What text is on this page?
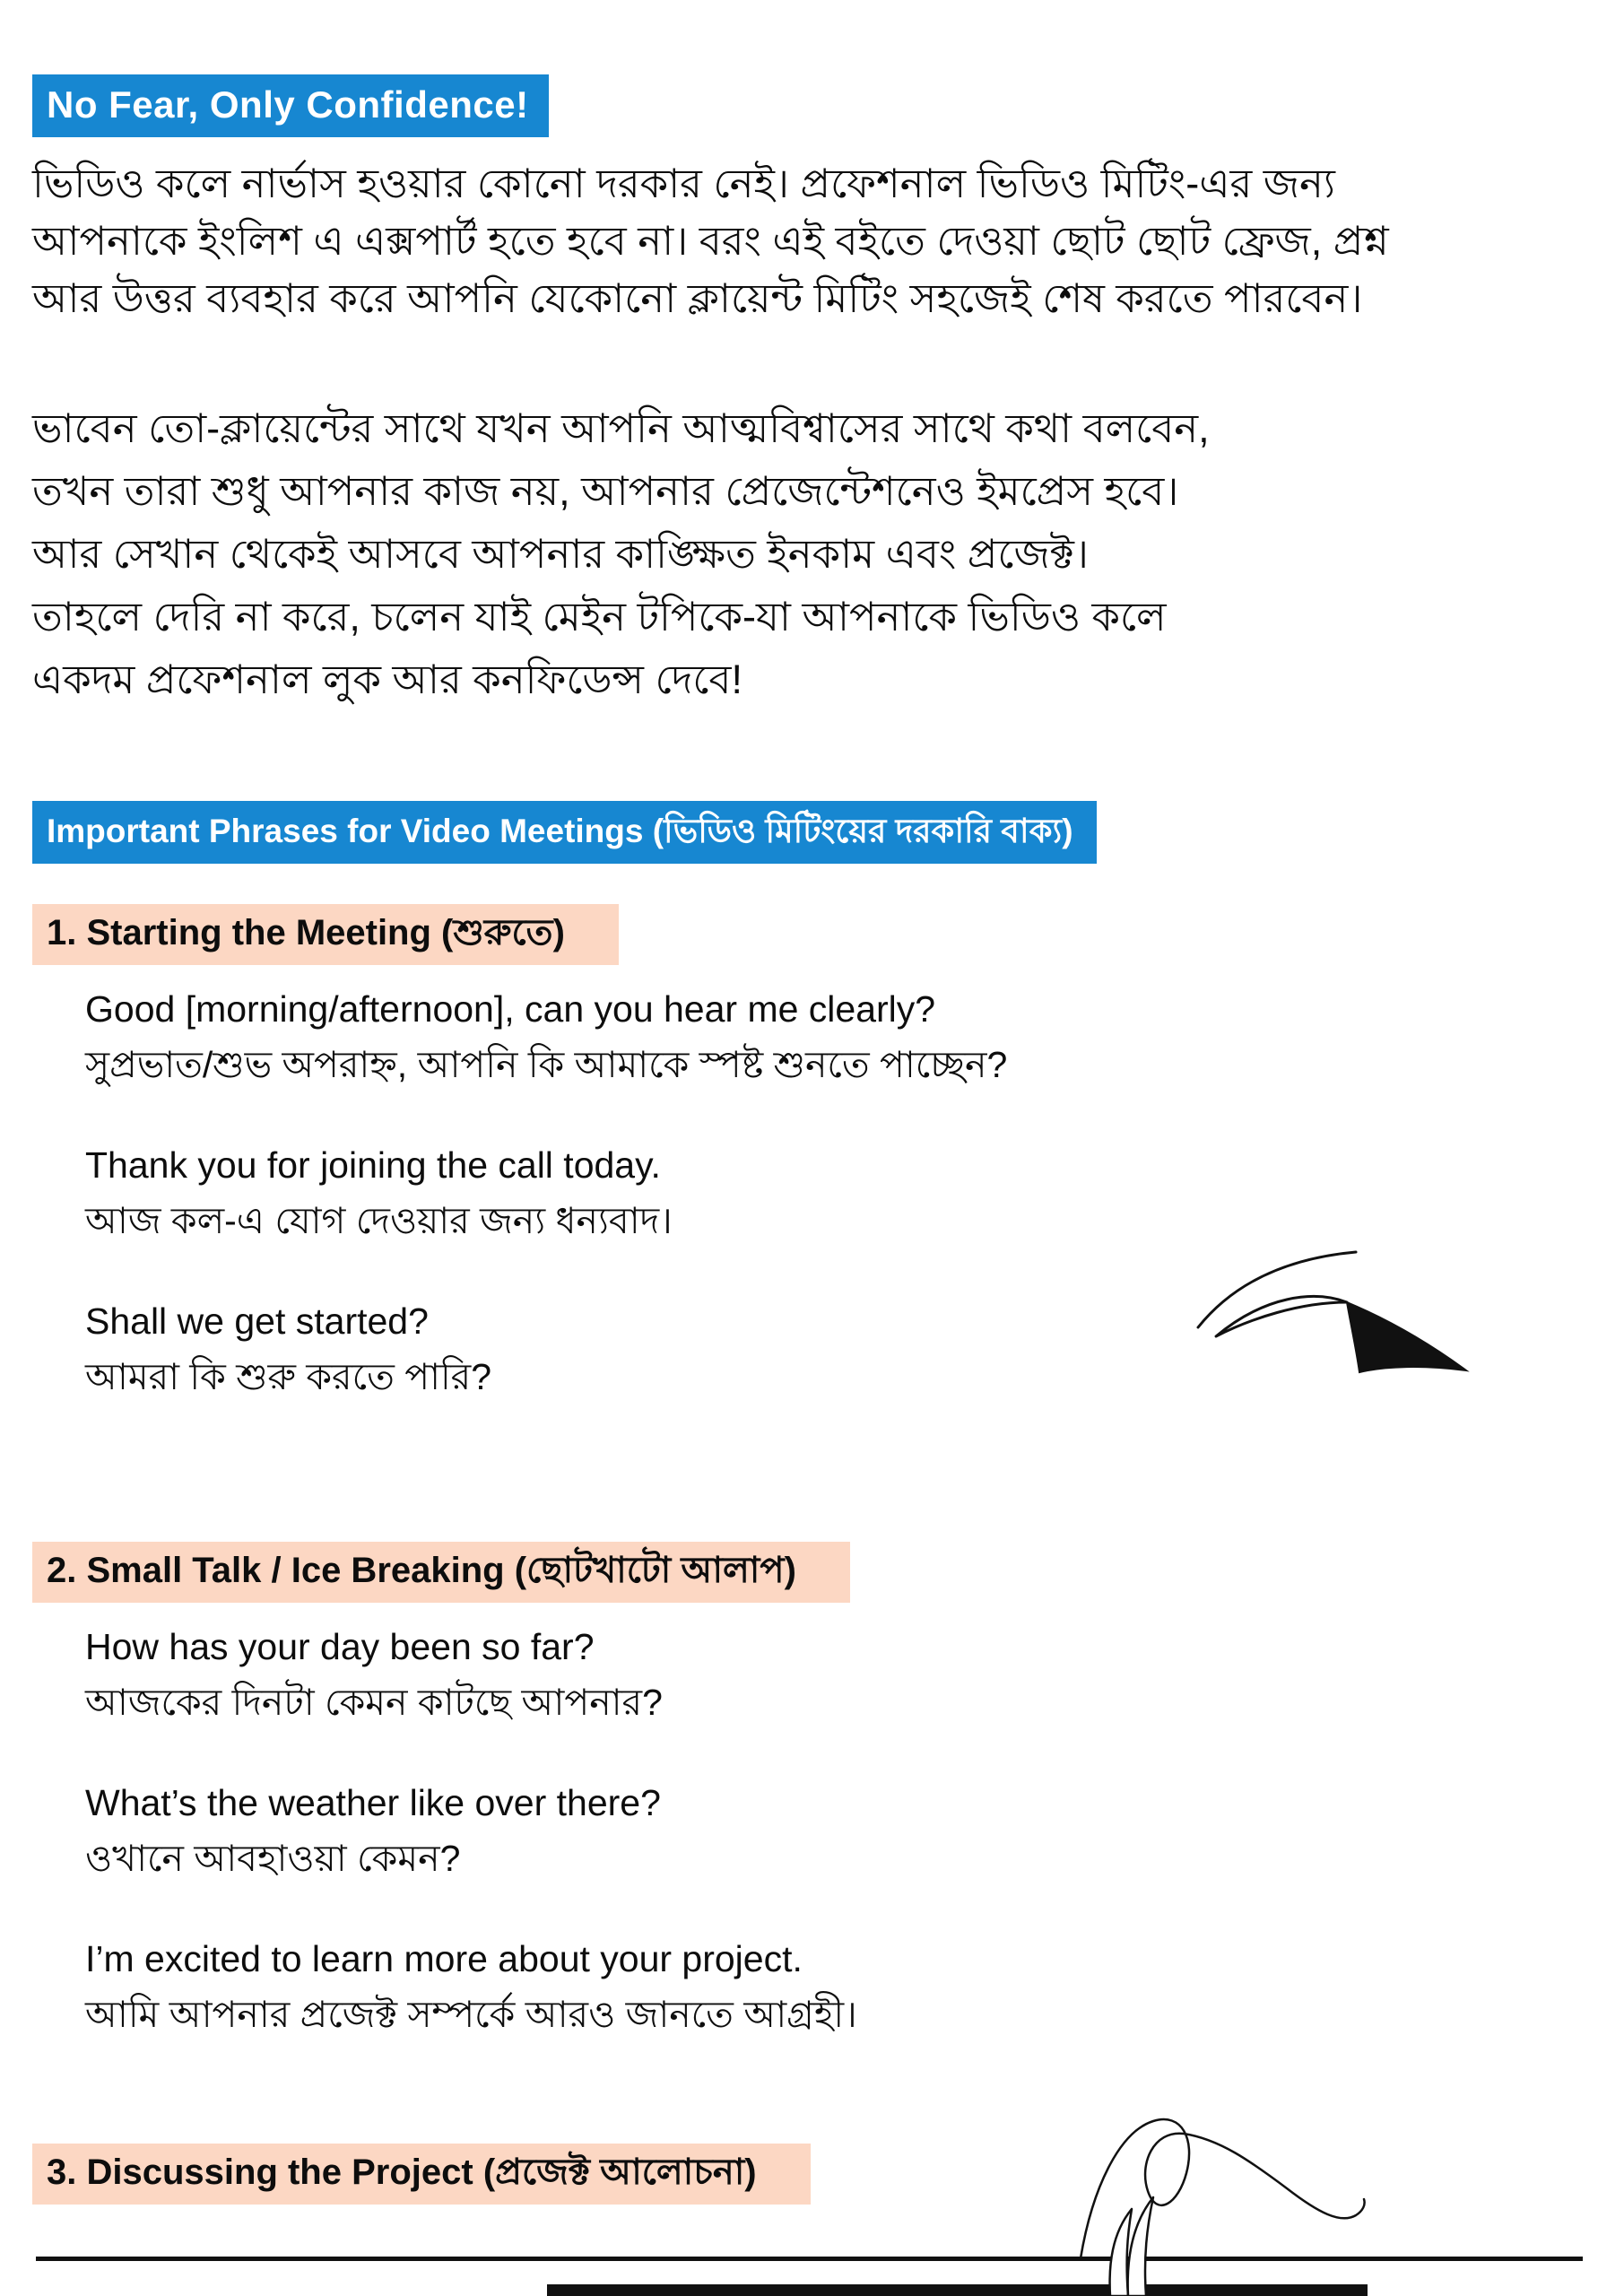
No Fear, Only Confidence!
ভিডিও কলে নার্ভাস হওয়ার কোনো দরকার নেই। প্রফেশনাল ভিডিও মিটিং-এর জন্য
আপনাকে ইংলিশ এ এক্সপার্ট হতে হবে না। বরং এই বইতে দেওয়া ছোট ছোট ফ্রেজ, প্রশ্ন
আর উত্তর ব্যবহার করে আপনি যেকোনো ক্লায়েন্ট মিটিং সহজেই শেষ করতে পারবেন।
ভাবেন তো-ক্লায়েন্টের সাথে যখন আপনি আত্মবিশ্বাসের সাথে কথা বলবেন,
তখন তারা শুধু আপনার কাজ নয়, আপনার প্রেজেন্টেশনেও ইমপ্রেস হবে।
আর সেখান থেকেই আসবে আপনার কাঙ্ক্ষিত ইনকাম এবং প্রজেক্ট।
তাহলে দেরি না করে, চলেন যাই মেইন টপিকে-যা আপনাকে ভিডিও কলে
একদম প্রফেশনাল লুক আর কনফিডেন্স দেবে!
Important Phrases for Video Meetings (ভিডিও মিটিংয়ের দরকারি বাক্য)
1. Starting the Meeting (শুরুতে)
Good [morning/afternoon], can you hear me clearly?
সুপ্রভাত/শুভ অপরাহ্ন, আপনি কি আমাকে স্পষ্ট শুনতে পাচ্ছেন?
Thank you for joining the call today.
আজ কল-এ যোগ দেওয়ার জন্য ধন্যবাদ।
Shall we get started?
আমরা কি শুরু করতে পারি?
2. Small Talk / Ice Breaking (ছোটখাটো আলাপ)
How has your day been so far?
আজকের দিনটা কেমন কাটছে আপনার?
What’s the weather like over there?
ওখানে আবহাওয়া কেমন?
I’m excited to learn more about your project.
আমি আপনার প্রজেক্ট সম্পর্কে আরও জানতে আগ্রহী।
3. Discussing the Project (প্রজেক্ট আলোচনা)
